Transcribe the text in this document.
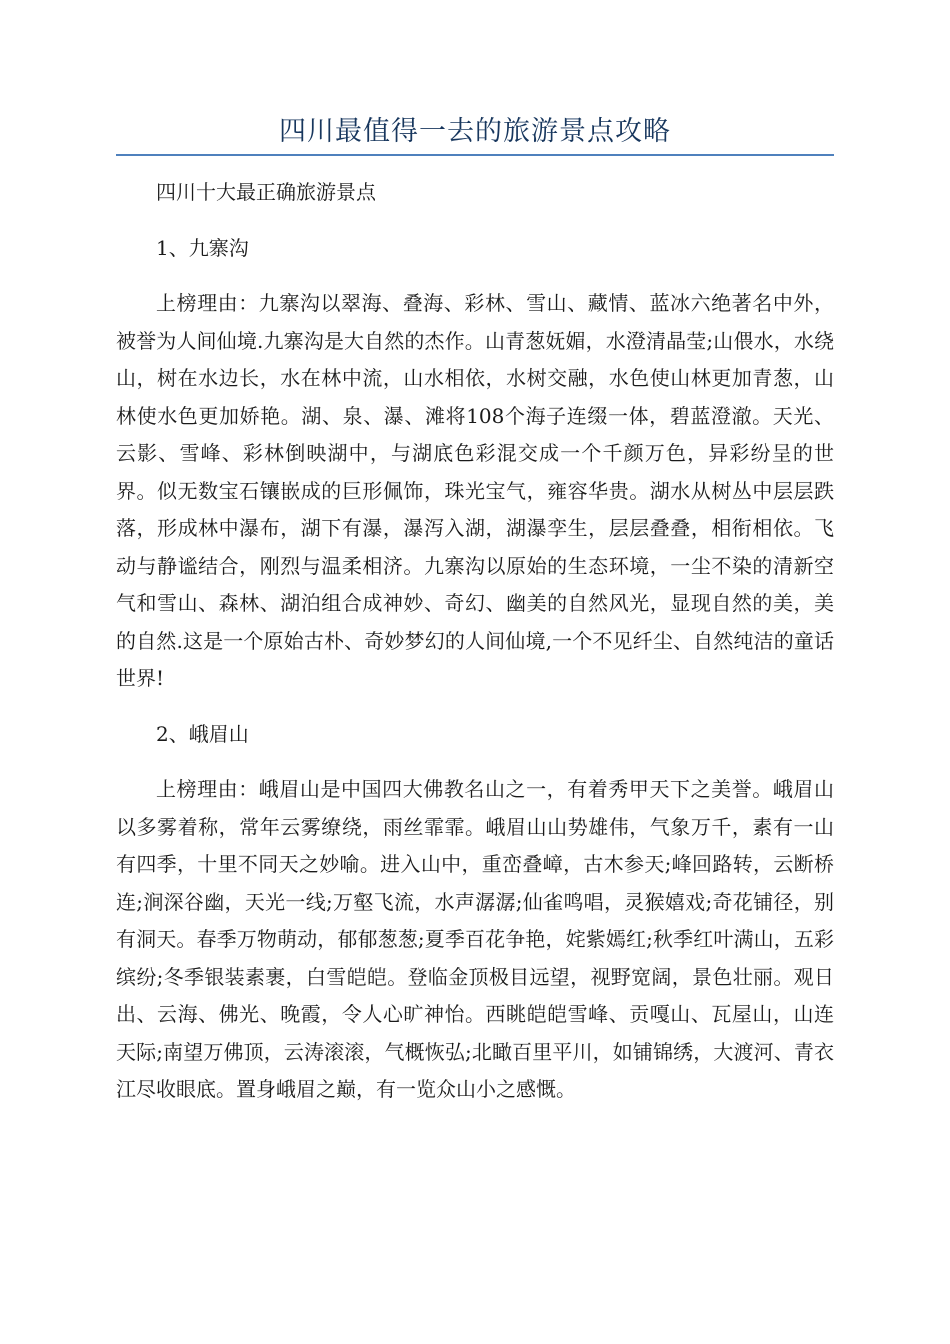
四川最值得一去的旅游景点攻略

四川十大最正确旅游景点

1、九寨沟

上榜理由：九寨沟以翠海、叠海、彩林、雪山、藏情、蓝冰六绝著名中外，被誉为人间仙境.九寨沟是大自然的杰作。山青葱妩媚，水澄清晶莹;山偎水，水绕山，树在水边长，水在林中流，山水相依，水树交融，水色使山林更加青葱，山林使水色更加娇艳。湖、泉、瀑、滩将108个海子连缀一体，碧蓝澄澈。天光、云影、雪峰、彩林倒映湖中，与湖底色彩混交成一个千颜万色，异彩纷呈的世界。似无数宝石镶嵌成的巨形佩饰，珠光宝气，雍容华贵。湖水从树丛中层层跌落，形成林中瀑布，湖下有瀑，瀑泻入湖，湖瀑孪生，层层叠叠，相衔相依。飞动与静谧结合，刚烈与温柔相济。九寨沟以原始的生态环境，一尘不染的清新空气和雪山、森林、湖泊组合成神妙、奇幻、幽美的自然风光，显现自然的美，美的自然.这是一个原始古朴、奇妙梦幻的人间仙境,一个不见纤尘、自然纯洁的童话世界!

2、峨眉山

上榜理由：峨眉山是中国四大佛教名山之一，有着秀甲天下之美誉。峨眉山以多雾着称，常年云雾缭绕，雨丝霏霏。峨眉山山势雄伟，气象万千，素有一山有四季，十里不同天之妙喻。进入山中，重峦叠嶂，古木参天;峰回路转，云断桥连;涧深谷幽，天光一线;万壑飞流，水声潺潺;仙雀鸣唱，灵猴嬉戏;奇花铺径，别有洞天。春季万物萌动，郁郁葱葱;夏季百花争艳，姹紫嫣红;秋季红叶满山，五彩缤纷;冬季银装素裹，白雪皑皑。登临金顶极目远望，视野宽阔，景色壮丽。观日出、云海、佛光、晚霞，令人心旷神怡。西眺皑皑雪峰、贡嘎山、瓦屋山，山连天际;南望万佛顶，云涛滚滚，气概恢弘;北瞰百里平川，如铺锦绣，大渡河、青衣江尽收眼底。置身峨眉之巅，有一览众山小之感慨。
